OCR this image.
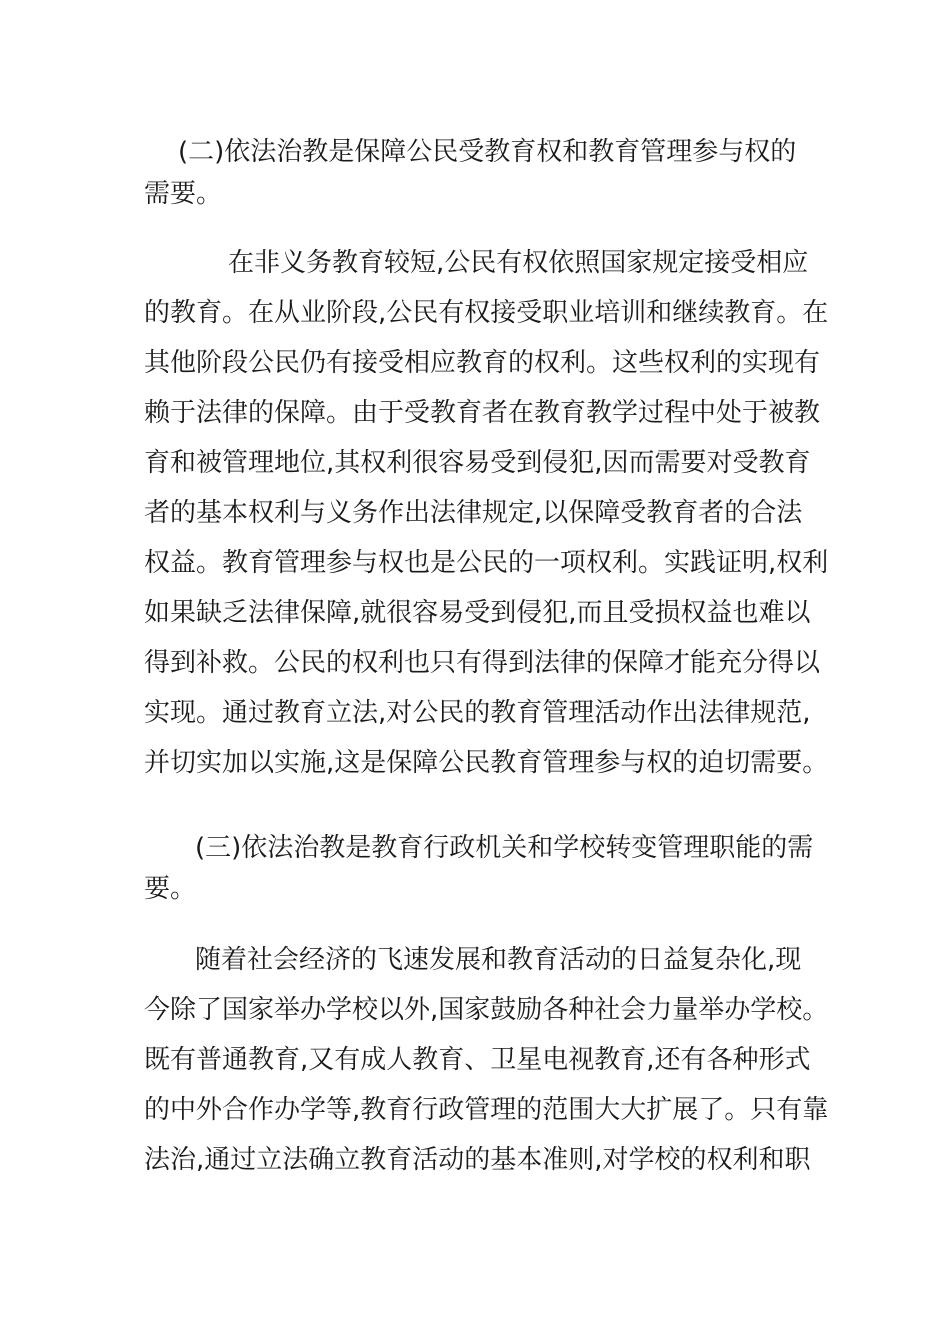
(二)依法治教是保障公民受教育权和教育管理参与权的
需要。
在非义务教育较短,公民有权依照国家规定接受相应
的教育。在从业阶段,公民有权接受职业培训和继续教育。在
其他阶段公民仍有接受相应教育的权利。这些权利的实现有
赖于法律的保障。由于受教育者在教育教学过程中处于被教
育和被管理地位,其权利很容易受到侵犯,因而需要对受教育
者的基本权利与义务作出法律规定,以保障受教育者的合法
权益。教育管理参与权也是公民的一项权利。实践证明,权利
如果缺乏法律保障,就很容易受到侵犯,而且受损权益也难以
得到补救。公民的权利也只有得到法律的保障才能充分得以
实现。通过教育立法,对公民的教育管理活动作出法律规范,
并切实加以实施,这是保障公民教育管理参与权的迫切需要。
(三)依法治教是教育行政机关和学校转变管理职能的需
要。
随着社会经济的飞速发展和教育活动的日益复杂化,现
今除了国家举办学校以外,国家鼓励各种社会力量举办学校。
既有普通教育,又有成人教育、卫星电视教育,还有各种形式
的中外合作办学等,教育行政管理的范围大大扩展了。只有靠
法治,通过立法确立教育活动的基本准则,对学校的权利和职
